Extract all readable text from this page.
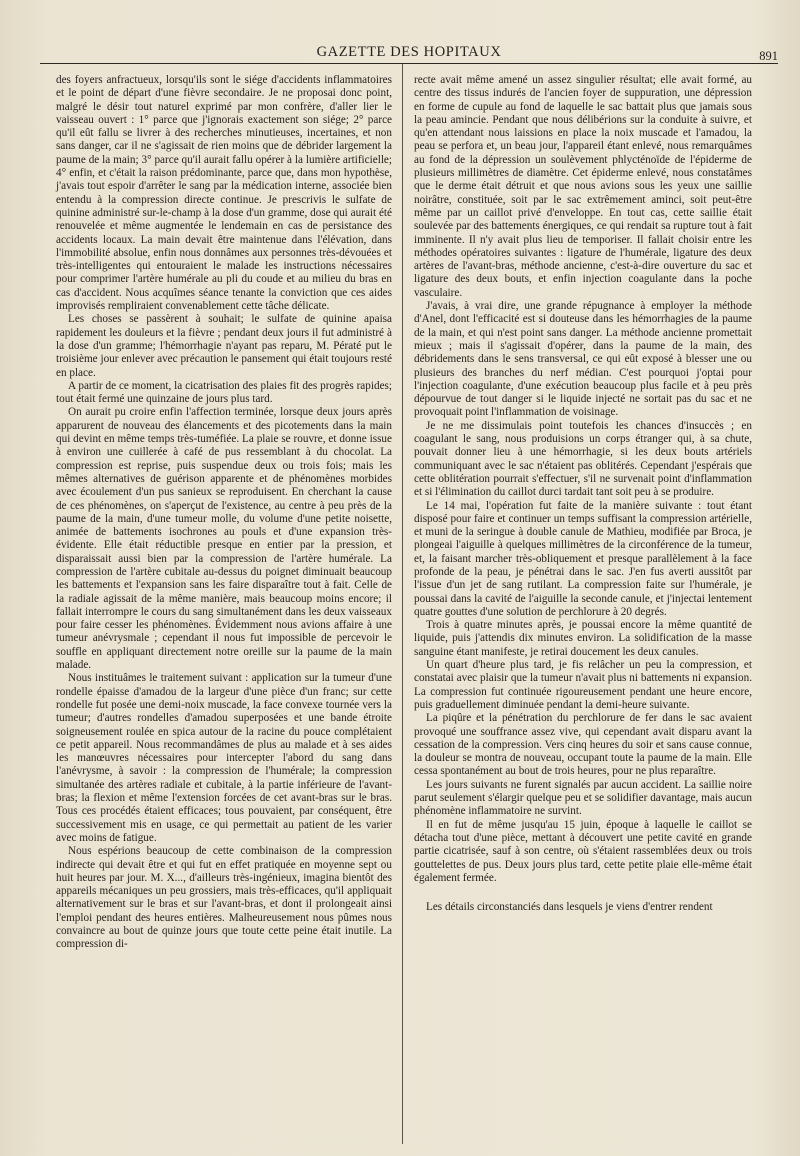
GAZETTE DES HOPITAUX	891

des foyers anfractueux, lorsqu'ils sont le siége d'accidents inflammatoires et le point de départ d'une fièvre secondaire. Je ne proposai donc point, malgré le désir tout naturel exprimé par mon confrère, d'aller lier le vaisseau ouvert : 1° parce que j'ignorais exactement son siége; 2° parce qu'il eût fallu se livrer à des recherches minutieuses, incertaines, et non sans danger, car il ne s'agissait de rien moins que de débrider largement la paume de la main; 3° parce qu'il aurait fallu opérer à la lumière artificielle; 4° enfin, et c'était la raison prédominante, parce que, dans mon hypothèse, j'avais tout espoir d'arrêter le sang par la médication interne, associée bien entendu à la compression directe continue. Je prescrivis le sulfate de quinine administré sur-le-champ à la dose d'un gramme, dose qui aurait été renouvelée et même augmentée le lendemain en cas de persistance des accidents locaux. La main devait être maintenue dans l'élévation, dans l'immobilité absolue, enfin nous donnâmes aux personnes très-dévouées et très-intelligentes qui entouraient le malade les instructions nécessaires pour comprimer l'artère humérale au pli du coude et au milieu du bras en cas d'accident. Nous acquîmes séance tenante la conviction que ces aides improvisés rempliraient convenablement cette tâche délicate.

Les choses se passèrent à souhait; le sulfate de quinine apaisa rapidement les douleurs et la fièvre ; pendant deux jours il fut administré à la dose d'un gramme; l'hémorrhagie n'ayant pas reparu, M. Pératé put le troisième jour enlever avec précaution le pansement qui était toujours resté en place.

A partir de ce moment, la cicatrisation des plaies fit des progrès rapides; tout était fermé une quinzaine de jours plus tard.

On aurait pu croire enfin l'affection terminée, lorsque deux jours après apparurent de nouveau des élancements et des picotements dans la main qui devint en même temps très-tuméfiée. La plaie se rouvre, et donne issue à environ une cuillerée à café de pus ressemblant à du chocolat. La compression est reprise, puis suspendue deux ou trois fois; mais les mêmes alternatives de guérison apparente et de phénomènes morbides avec écoulement d'un pus sanieux se reproduisent. En cherchant la cause de ces phénomènes, on s'aperçut de l'existence, au centre à peu près de la paume de la main, d'une tumeur molle, du volume d'une petite noisette, animée de battements isochrones au pouls et d'une expansion très-évidente. Elle était réductible presque en entier par la pression, et disparaissait aussi bien par la compression de l'artère humérale. La compression de l'artère cubitale au-dessus du poignet diminuait beaucoup les battements et l'expansion sans les faire disparaître tout à fait. Celle de la radiale agissait de la même manière, mais beaucoup moins encore; il fallait interrompre le cours du sang simultanément dans les deux vaisseaux pour faire cesser les phénomènes. Évidemment nous avions affaire à une tumeur anévrysmale ; cependant il nous fut impossible de percevoir le souffle en appliquant directement notre oreille sur la paume de la main malade.

Nous instituâmes le traitement suivant : application sur la tumeur d'une rondelle épaisse d'amadou de la largeur d'une pièce d'un franc; sur cette rondelle fut posée une demi-noix muscade, la face convexe tournée vers la tumeur; d'autres rondelles d'amadou superposées et une bande étroite soigneusement roulée en spica autour de la racine du pouce complétaient ce petit appareil. Nous recommandâmes de plus au malade et à ses aides les manœuvres nécessaires pour intercepter l'abord du sang dans l'anévrysme, à savoir : la compression de l'humérale; la compression simultanée des artères radiale et cubitale, à la partie inférieure de l'avant-bras; la flexion et même l'extension forcées de cet avant-bras sur le bras. Tous ces procédés étaient efficaces; tous pouvaient, par conséquent, être successivement mis en usage, ce qui permettait au patient de les varier avec moins de fatigue.

Nous espérions beaucoup de cette combinaison de la compression indirecte qui devait être et qui fut en effet pratiquée en moyenne sept ou huit heures par jour. M. X..., d'ailleurs très-ingénieux, imagina bientôt des appareils mécaniques un peu grossiers, mais très-efficaces, qu'il appliquait alternativement sur le bras et sur l'avant-bras, et dont il prolongeait ainsi l'emploi pendant des heures entières. Malheureusement nous pûmes nous convaincre au bout de quinze jours que toute cette peine était inutile. La compression di-

recte avait même amené un assez singulier résultat; elle avait formé, au centre des tissus indurés de l'ancien foyer de suppuration, une dépression en forme de cupule au fond de laquelle le sac battait plus que jamais sous la peau amincie. Pendant que nous délibérions sur la conduite à suivre, et qu'en attendant nous laissions en place la noix muscade et l'amadou, la peau se perfora et, un beau jour, l'appareil étant enlevé, nous remarquâmes au fond de la dépression un soulèvement phlycténoïde de l'épiderme de plusieurs millimètres de diamètre. Cet épiderme enlevé, nous constatâmes que le derme était détruit et que nous avions sous les yeux une saillie noirâtre, constituée, soit par le sac extrêmement aminci, soit peut-être même par un caillot privé d'enveloppe. En tout cas, cette saillie était soulevée par des battements énergiques, ce qui rendait sa rupture tout à fait imminente. Il n'y avait plus lieu de temporiser. Il fallait choisir entre les méthodes opératoires suivantes : ligature de l'humérale, ligature des deux artères de l'avant-bras, méthode ancienne, c'est-à-dire ouverture du sac et ligature des deux bouts, et enfin injection coagulante dans la poche vasculaire.

J'avais, à vrai dire, une grande répugnance à employer la méthode d'Anel, dont l'efficacité est si douteuse dans les hémorrhagies de la paume de la main, et qui n'est point sans danger. La méthode ancienne promettait mieux ; mais il s'agissait d'opérer, dans la paume de la main, des débridements dans le sens transversal, ce qui eût exposé à blesser une ou plusieurs des branches du nerf médian. C'est pourquoi j'optai pour l'injection coagulante, d'une exécution beaucoup plus facile et à peu près dépourvue de tout danger si le liquide injecté ne sortait pas du sac et ne provoquait point l'inflammation de voisinage.

Je ne me dissimulais point toutefois les chances d'insuccès ; en coagulant le sang, nous produisions un corps étranger qui, à sa chute, pouvait donner lieu à une hémorrhagie, si les deux bouts artériels communiquant avec le sac n'étaient pas oblitérés. Cependant j'espérais que cette oblitération pourrait s'effectuer, s'il ne survenait point d'inflammation et si l'élimination du caillot durci tardait tant soit peu à se produire.

Le 14 mai, l'opération fut faite de la manière suivante : tout étant disposé pour faire et continuer un temps suffisant la compression artérielle, et muni de la seringue à double canule de Mathieu, modifiée par Broca, je plongeai l'aiguille à quelques millimètres de la circonférence de la tumeur, et, la faisant marcher très-obliquement et presque parallèlement à la face profonde de la peau, je pénétrai dans le sac. J'en fus averti aussitôt par l'issue d'un jet de sang rutilant. La compression faite sur l'humérale, je poussai dans la cavité de l'aiguille la seconde canule, et j'injectai lentement quatre gouttes d'une solution de perchlorure à 20 degrés.

Trois à quatre minutes après, je poussai encore la même quantité de liquide, puis j'attendis dix minutes environ. La solidification de la masse sanguine étant manifeste, je retirai doucement les deux canules.

Un quart d'heure plus tard, je fis relâcher un peu la compression, et constatai avec plaisir que la tumeur n'avait plus ni battements ni expansion. La compression fut continuée rigoureusement pendant une heure encore, puis graduellement diminuée pendant la demi-heure suivante.

La piqûre et la pénétration du perchlorure de fer dans le sac avaient provoqué une souffrance assez vive, qui cependant avait disparu avant la cessation de la compression. Vers cinq heures du soir et sans cause connue, la douleur se montra de nouveau, occupant toute la paume de la main. Elle cessa spontanément au bout de trois heures, pour ne plus reparaître.

Les jours suivants ne furent signalés par aucun accident. La saillie noire parut seulement s'élargir quelque peu et se solidifier davantage, mais aucun phénomène inflammatoire ne survint.

Il en fut de même jusqu'au 15 juin, époque à laquelle le caillot se détacha tout d'une pièce, mettant à découvert une petite cavité en grande partie cicatrisée, sauf à son centre, où s'étaient rassemblées deux ou trois gouttelettes de pus. Deux jours plus tard, cette petite plaie elle-même était également fermée.

Les détails circonstanciés dans lesquels je viens d'entrer rendent
